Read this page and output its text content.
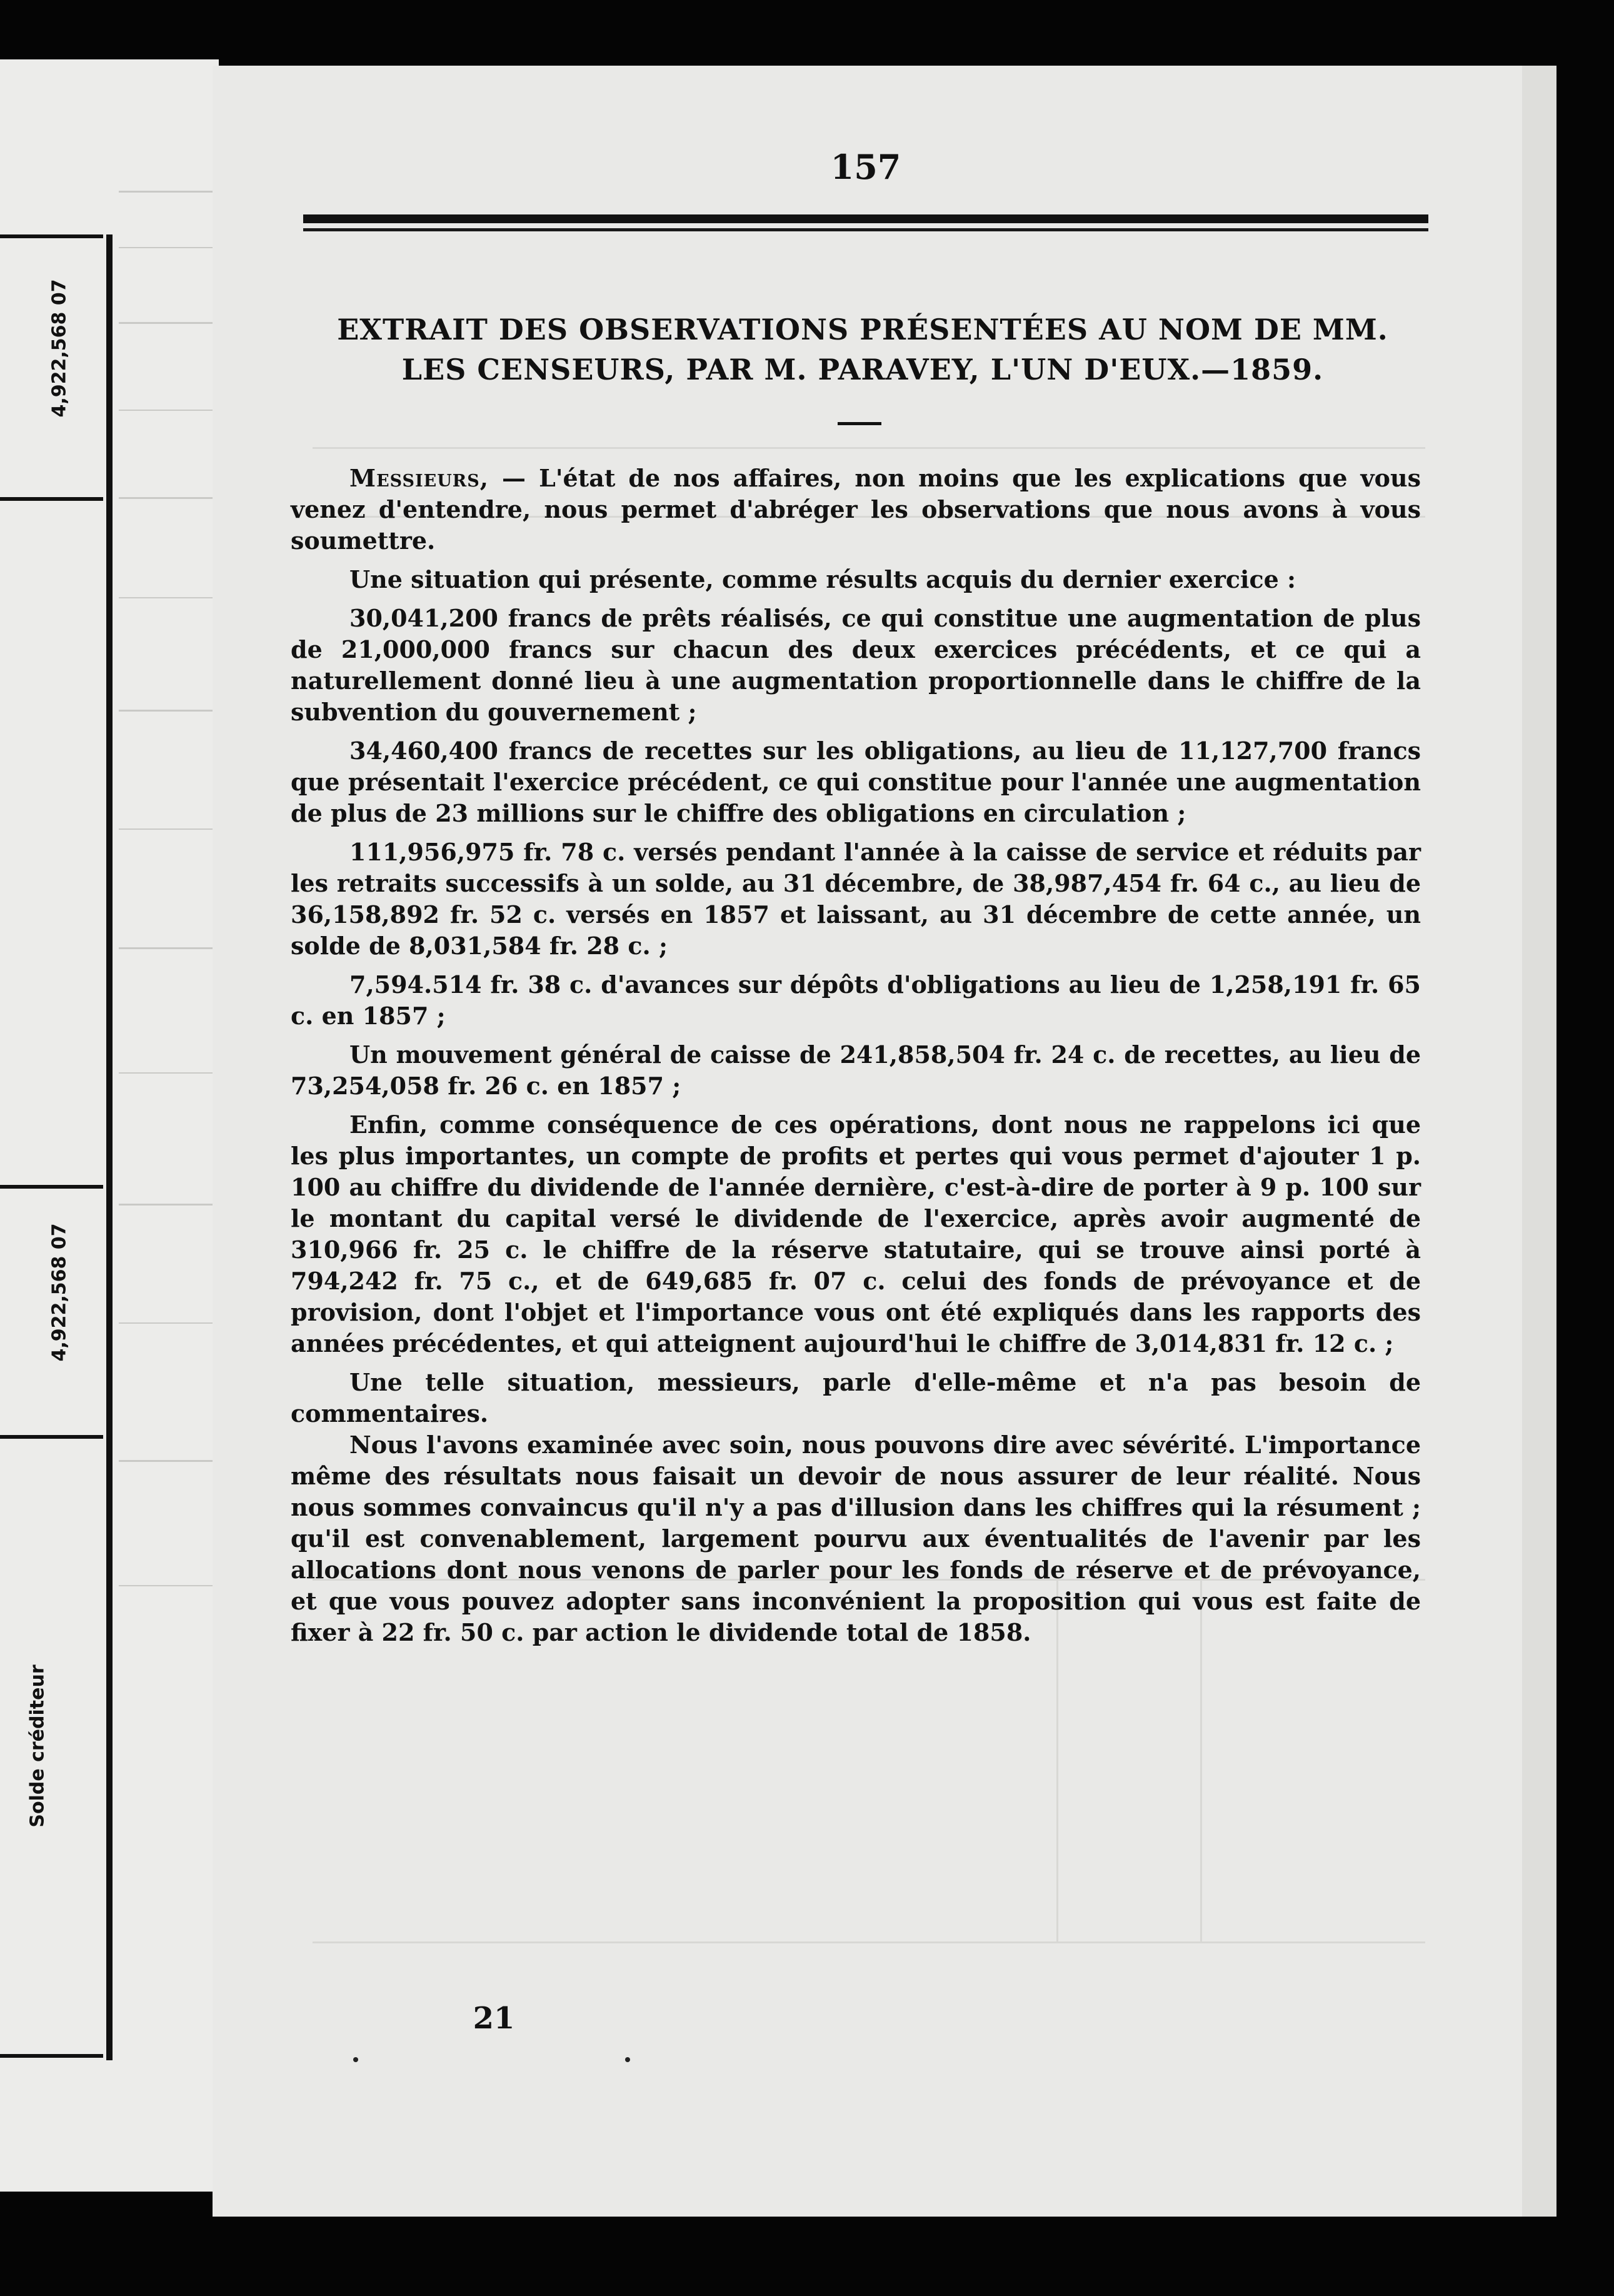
4,922,568 07
4,922,568 07
Solde créditeur
157
EXTRAIT DES OBSERVATIONS PRÉSENTÉES AU NOM DE MM. LES CENSEURS, PAR M. PARAVEY, L'UN D'EUX.—1859.

Messieurs, — L'état de nos affaires, non moins que les explications que vous venez d'entendre, nous permet d'abréger les observations que nous avons à vous soumettre.

Une situation qui présente, comme résults acquis du dernier exercice :

30,041,200 francs de prêts réalisés, ce qui constitue une augmentation de plus de 21,000,000 francs sur chacun des deux exercices précédents, et ce qui a naturellement donné lieu à une augmentation proportionnelle dans le chiffre de la subvention du gouvernement ;

34,460,400 francs de recettes sur les obligations, au lieu de 11,127,700 francs que présentait l'exercice précédent, ce qui constitue pour l'année une augmentation de plus de 23 millions sur le chiffre des obligations en circulation ;

111,956,975 fr. 78 c. versés pendant l'année à la caisse de service et réduits par les retraits successifs à un solde, au 31 décembre, de 38,987,454 fr. 64 c., au lieu de 36,158,892 fr. 52 c. versés en 1857 et laissant, au 31 décembre de cette année, un solde de 8,031,584 fr. 28 c. ;

7,594.514 fr. 38 c. d'avances sur dépôts d'obligations au lieu de 1,258,191 fr. 65 c. en 1857 ;

Un mouvement général de caisse de 241,858,504 fr. 24 c. de recettes, au lieu de 73,254,058 fr. 26 c. en 1857 ;

Enfin, comme conséquence de ces opérations, dont nous ne rappelons ici que les plus importantes, un compte de profits et pertes qui vous permet d'ajouter 1 p. 100 au chiffre du dividende de l'année dernière, c'est-à-dire de porter à 9 p. 100 sur le montant du capital versé le dividende de l'exercice, après avoir augmenté de 310,966 fr. 25 c. le chiffre de la réserve statutaire, qui se trouve ainsi porté à 794,242 fr. 75 c., et de 649,685 fr. 07 c. celui des fonds de prévoyance et de provision, dont l'objet et l'importance vous ont été expliqués dans les rapports des années précédentes, et qui atteignent aujourd'hui le chiffre de 3,014,831 fr. 12 c. ;

Une telle situation, messieurs, parle d'elle-même et n'a pas besoin de commentaires.

Nous l'avons examinée avec soin, nous pouvons dire avec sévérité. L'importance même des résultats nous faisait un devoir de nous assurer de leur réalité. Nous nous sommes convaincus qu'il n'y a pas d'illusion dans les chiffres qui la résument ; qu'il est convenablement, largement pourvu aux éventualités de l'avenir par les allocations dont nous venons de parler pour les fonds de réserve et de prévoyance, et que vous pouvez adopter sans inconvénient la proposition qui vous est faite de fixer à 22 fr. 50 c. par action le dividende total de 1858.

21
